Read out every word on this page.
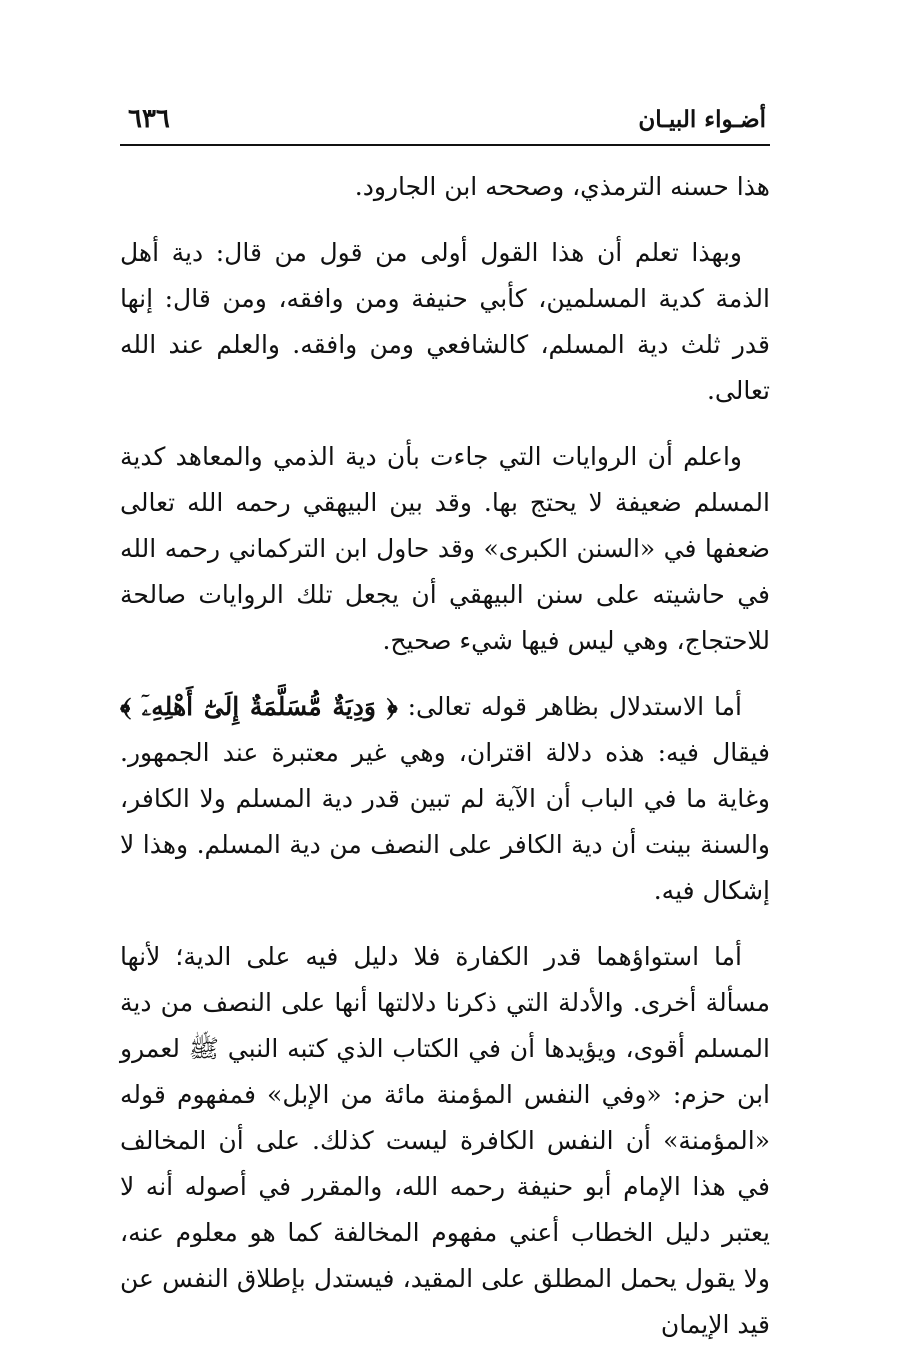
أضـواء البيـان
٦٣٦

هذا حسنه الترمذي، وصححه ابن الجارود.

وبهذا تعلم أن هذا القول أولى من قول من قال: دية أهل الذمة كدية المسلمين، كأبي حنيفة ومن وافقه، ومن قال: إنها قدر ثلث دية المسلم، كالشافعي ومن وافقه. والعلم عند الله تعالى.

واعلم أن الروايات التي جاءت بأن دية الذمي والمعاهد كدية المسلم ضعيفة لا يحتج بها. وقد بين البيهقي رحمه الله تعالى ضعفها في «السنن الكبرى» وقد حاول ابن التركماني رحمه الله في حاشيته على سنن البيهقي أن يجعل تلك الروايات صالحة للاحتجاج، وهي ليس فيها شيء صحيح.

أما الاستدلال بظاهر قوله تعالى: ﴿ وَدِيَةٌ مُّسَلَّمَةٌ إِلَىٰٓ أَهْلِهِۦٓ ﴾ فيقال فيه: هذه دلالة اقتران، وهي غير معتبرة عند الجمهور. وغاية ما في الباب أن الآية لم تبين قدر دية المسلم ولا الكافر، والسنة بينت أن دية الكافر على النصف من دية المسلم. وهذا لا إشكال فيه.

أما استواؤهما قدر الكفارة فلا دليل فيه على الدية؛ لأنها مسألة أخرى. والأدلة التي ذكرنا دلالتها أنها على النصف من دية المسلم أقوى، ويؤيدها أن في الكتاب الذي كتبه النبي ﷺ لعمرو ابن حزم: «وفي النفس المؤمنة مائة من الإبل» فمفهوم قوله «المؤمنة» أن النفس الكافرة ليست كذلك. على أن المخالف في هذا الإمام أبو حنيفة رحمه الله، والمقرر في أصوله أنه لا يعتبر دليل الخطاب أعني مفهوم المخالفة كما هو معلوم عنه، ولا يقول يحمل المطلق على المقيد، فيستدل بإطلاق النفس عن قيد الإيمان
